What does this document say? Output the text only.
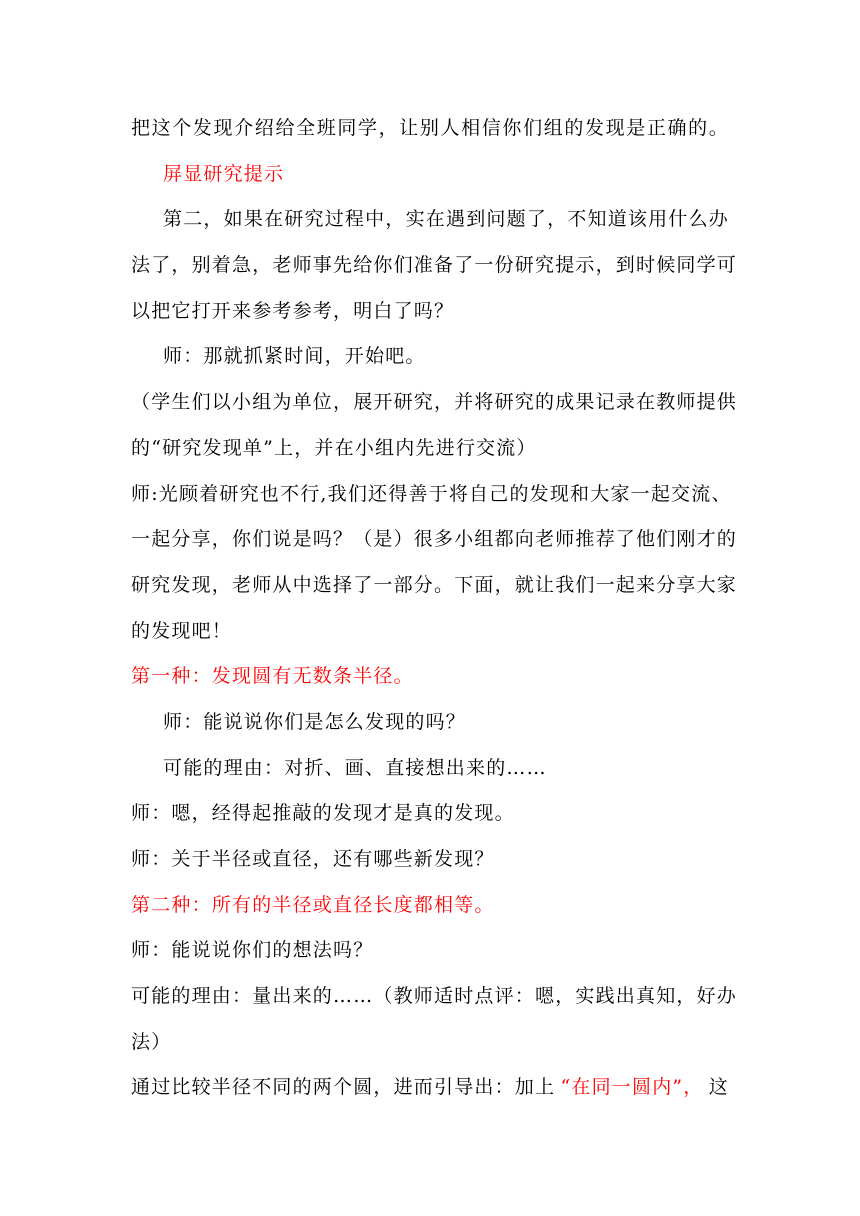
把这个发现介绍给全班同学，让别人相信你们组的发现是正确的。
屏显研究提示
第二，如果在研究过程中，实在遇到问题了，不知道该用什么办
法了，别着急，老师事先给你们准备了一份研究提示，到时候同学可
以把它打开来参考参考，明白了吗？
师：那就抓紧时间，开始吧。
（学生们以小组为单位，展开研究，并将研究的成果记录在教师提供
的“研究发现单”上，并在小组内先进行交流）
师:光顾着研究也不行,我们还得善于将自己的发现和大家一起交流、
一起分享，你们说是吗？（是）很多小组都向老师推荐了他们刚才的
研究发现，老师从中选择了一部分。下面，就让我们一起来分享大家
的发现吧！
第一种：发现圆有无数条半径。
师：能说说你们是怎么发现的吗？
可能的理由：对折、画、直接想出来的……
师：嗯，经得起推敲的发现才是真的发现。
师：关于半径或直径，还有哪些新发现？
第二种：所有的半径或直径长度都相等。
师：能说说你们的想法吗？
可能的理由：量出来的……（教师适时点评：嗯，实践出真知，好办
法）
通过比较半径不同的两个圆，进而引导出：加上 “在同一圆内”， 这
